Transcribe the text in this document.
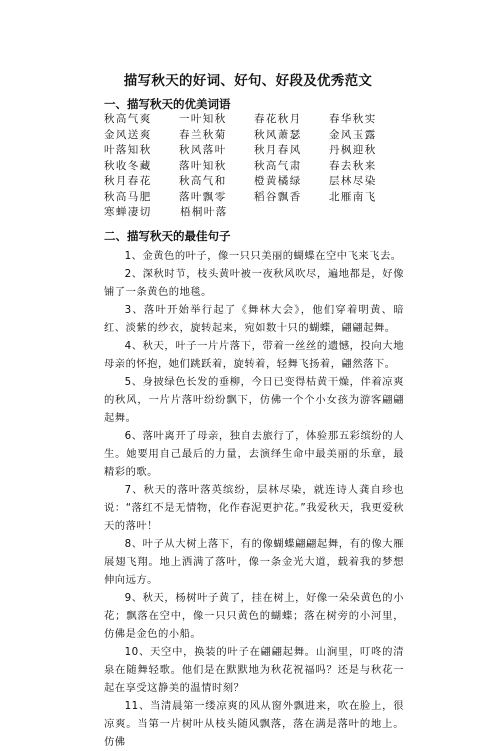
描写秋天的好词、好句、好段及优秀范文
一、描写秋天的优美词语
秋高气爽	一叶知秋	春花秋月	春华秋实
金风送爽	春兰秋菊	秋风萧瑟	金风玉露
叶落知秋	秋风落叶	秋月春风	丹枫迎秋
秋收冬藏	落叶知秋	秋高气肃	春去秋来
秋月春花	秋高气和	橙黄橘绿	层林尽染
秋高马肥	落叶飘零	稻谷飘香	北雁南飞
寒蝉凄切	梧桐叶落
二、描写秋天的最佳句子

1、金黄色的叶子，像一只只美丽的蝴蝶在空中飞来飞去。

2、深秋时节，枝头黄叶被一夜秋风吹尽，遍地都是，好像铺了一条黄色的地毯。

3、落叶开始举行起了《舞林大会》，他们穿着明黄、暗红、淡紫的纱衣，旋转起来，宛如数十只的蝴蝶，翩翩起舞。

4、秋天，叶子一片片落下，带着一丝丝的遗憾，投向大地母亲的怀抱，她们跳跃着，旋转着，轻舞飞扬着，翩然落下。

5、身披绿色长发的垂柳，今日已变得枯黄干燥，伴着凉爽的秋风，一片片落叶纷纷飘下，仿佛一个个小女孩为游客翩翩起舞。

6、落叶离开了母亲，独自去旅行了，体验那五彩缤纷的人生。她要用自己最后的力量，去演绎生命中最美丽的乐章，最精彩的歌。

7、秋天的落叶落英缤纷，层林尽染，就连诗人龚自珍也说：“落红不是无情物，化作春泥更护花。”我爱秋天，我更爱秋天的落叶！

8、叶子从大树上落下，有的像蝴蝶翩翩起舞，有的像大雁展翅飞翔。地上洒满了落叶，像一条金光大道，载着我的梦想伸向远方。

9、秋天，杨树叶子黄了，挂在树上，好像一朵朵黄色的小花；飘落在空中，像一只只黄色的蝴蝶；落在树旁的小河里，仿佛是金色的小船。

10、天空中，换装的叶子在翩翩起舞。山涧里，叮咚的清泉在随舞轻歌。他们是在默默地为秋花祝福吗？还是与秋花一起在享受这静美的温情时刻？

11、当清晨第一缕凉爽的风从窗外飘进来，吹在脸上，很凉爽。当第一片树叶从枝头随风飘落，落在满是落叶的地上。仿佛
